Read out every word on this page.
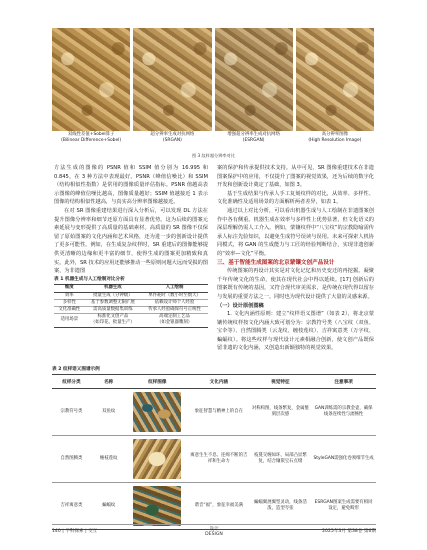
双线性差值+Sobel算子
(Bilinear Difference+Sobel)
超分辨率生成对抗网络
(SRGAN)
增强超分辨率生成对抗网络
(ESRGAN)
高分辨率图像
(High Resolution Image)
图 3 纹样超分辨率对比

方法生成的图像的 PSNR 值和 SSIM 值分别为 16.995 和 0.845，在 3 种方法中表现最好。PSNR（峰值信噪比）和 SSIM（结构相似性指数）是常用的图像质量评估指标。PSNR 值越高表示图像的峰值信噪比越高，图像质量越好；SSIM 值越接近 1 表示图像的结构相似性越高，与真实高分辨率图像越接近。

在对 SR 图像重建结果进行深入分析后，可以发现 DL 方法在提升图像分辨率和细节还原方面具有显著优势。这为后续的图案元素延展与变形提供了高质量的基础素材。高质量的 SR 图像不仅保留了原始图案的文化内涵和艺术风格，还为进一步的创新设计提供了更多可能性。例如，在生成复杂纹样时，SR 重建后的图像能够提供更清晰的边缘和更丰富的细节，使得生成的图案更加精致和真实。此外，SR 技术的应用还能够推动一些原则问题大远而受损的图案，为非遗图

表 1 机器生成与人工绘制对比分析

维度	机器生成	人工绘制
效率	批量生成（分钟级）	单件耗时（数小时至数天）
多样性	基于参数调整无限扩展	依赖设计师个人经验
文化准确性	需高质量数据集训练	传承人经验确保符号正统性
适用场景	标准化文创产品
（如印花、批量生产）	高端定制工艺品
（如金银器雕刻）

案的保护和传承提供技术支持。从中可见，SR 图像重建技术在非遗图案保护中的应用，不仅提升了图案的视觉效果，还为后续的数字化开发和创新设计奠定了基础，如图 3。

基于生成结果与传承人手工复刻纹样的对比，从效率、多样性、文化准确性及适用场景的方面解析两者差异，如表 1。

通过以上对比分析，可以看出机器生成与人工绘制在非遗图案创作中各有侧重。机器生成在效率与多样性上优势显著，但文化语义的深层理解仍需人工介入。例如，蒙镶纹样中“八宝纹”的宗教隐喻需传承人标注先验知识，以避免生成符号误读与误用。未来可探索人机协同模式，将 GAN 的生成能力与工匠的经验判断结合，实现非遗创新的“效率—文化”平衡。

三、基于智能生成图案的北京蒙镶文创产品设计

传统图案的再设计其实是对文化记忆和历史变迁的再挖掘。凝聚千年传统文化的生命，使其在现代社会中得以延续。[17] 创新后的图案既有传统的基因，又符合现代审美需求，是传统在现代得以留存与发展的重要方法之一。同时也为现代设计提供了大量的灵感来源。

（一）设计原创图稿

1. 文化内涵性原则：建立“纹样语义图谱”（如表 2），将北京蒙镶传统纹样按文化内涵大致可划分为：宗教符号类（八宝纹（双鱼、宝伞等）、自然图腾类（云龙纹、缠枝莲纹）、吉祥寓意类（万字纹、蝙蝠纹）。将这些纹样与现代设计元素相融合创新，使文创产品既保留非遗的文化内涵，又创造出新颖独特的视觉效果。

表 2 纹样语义图谱示例
纹样分类	名称	纹样图像	文化内涵	视觉特征	注意事项
宗教符号类	双鱼纹		象征智慧与精神上的自在	对称构图，线条繁复，金属錾刻层次感	GAN训练需的宗教金壶，确保线条连续性与流畅性
自然图腾类	缠枝莲纹		寓意生生不息、连绵不断的吉祥和生命力	枝蔓交缠如环，局部凸显繁复，结合镶嵌宝石点缀	StyleGAN需强化卷须细节生成
吉祥寓意类	蝙蝠纹		谐音“福”，象征幸福美满	蝙蝠翼展翼型灵动，线条活泼，造型夸张	ESRGAN图案生成需要有相同设定，避免畸形
140 | 学科探索 | 交互	设计
DESIGN
2025年3月 第38卷 第6期
